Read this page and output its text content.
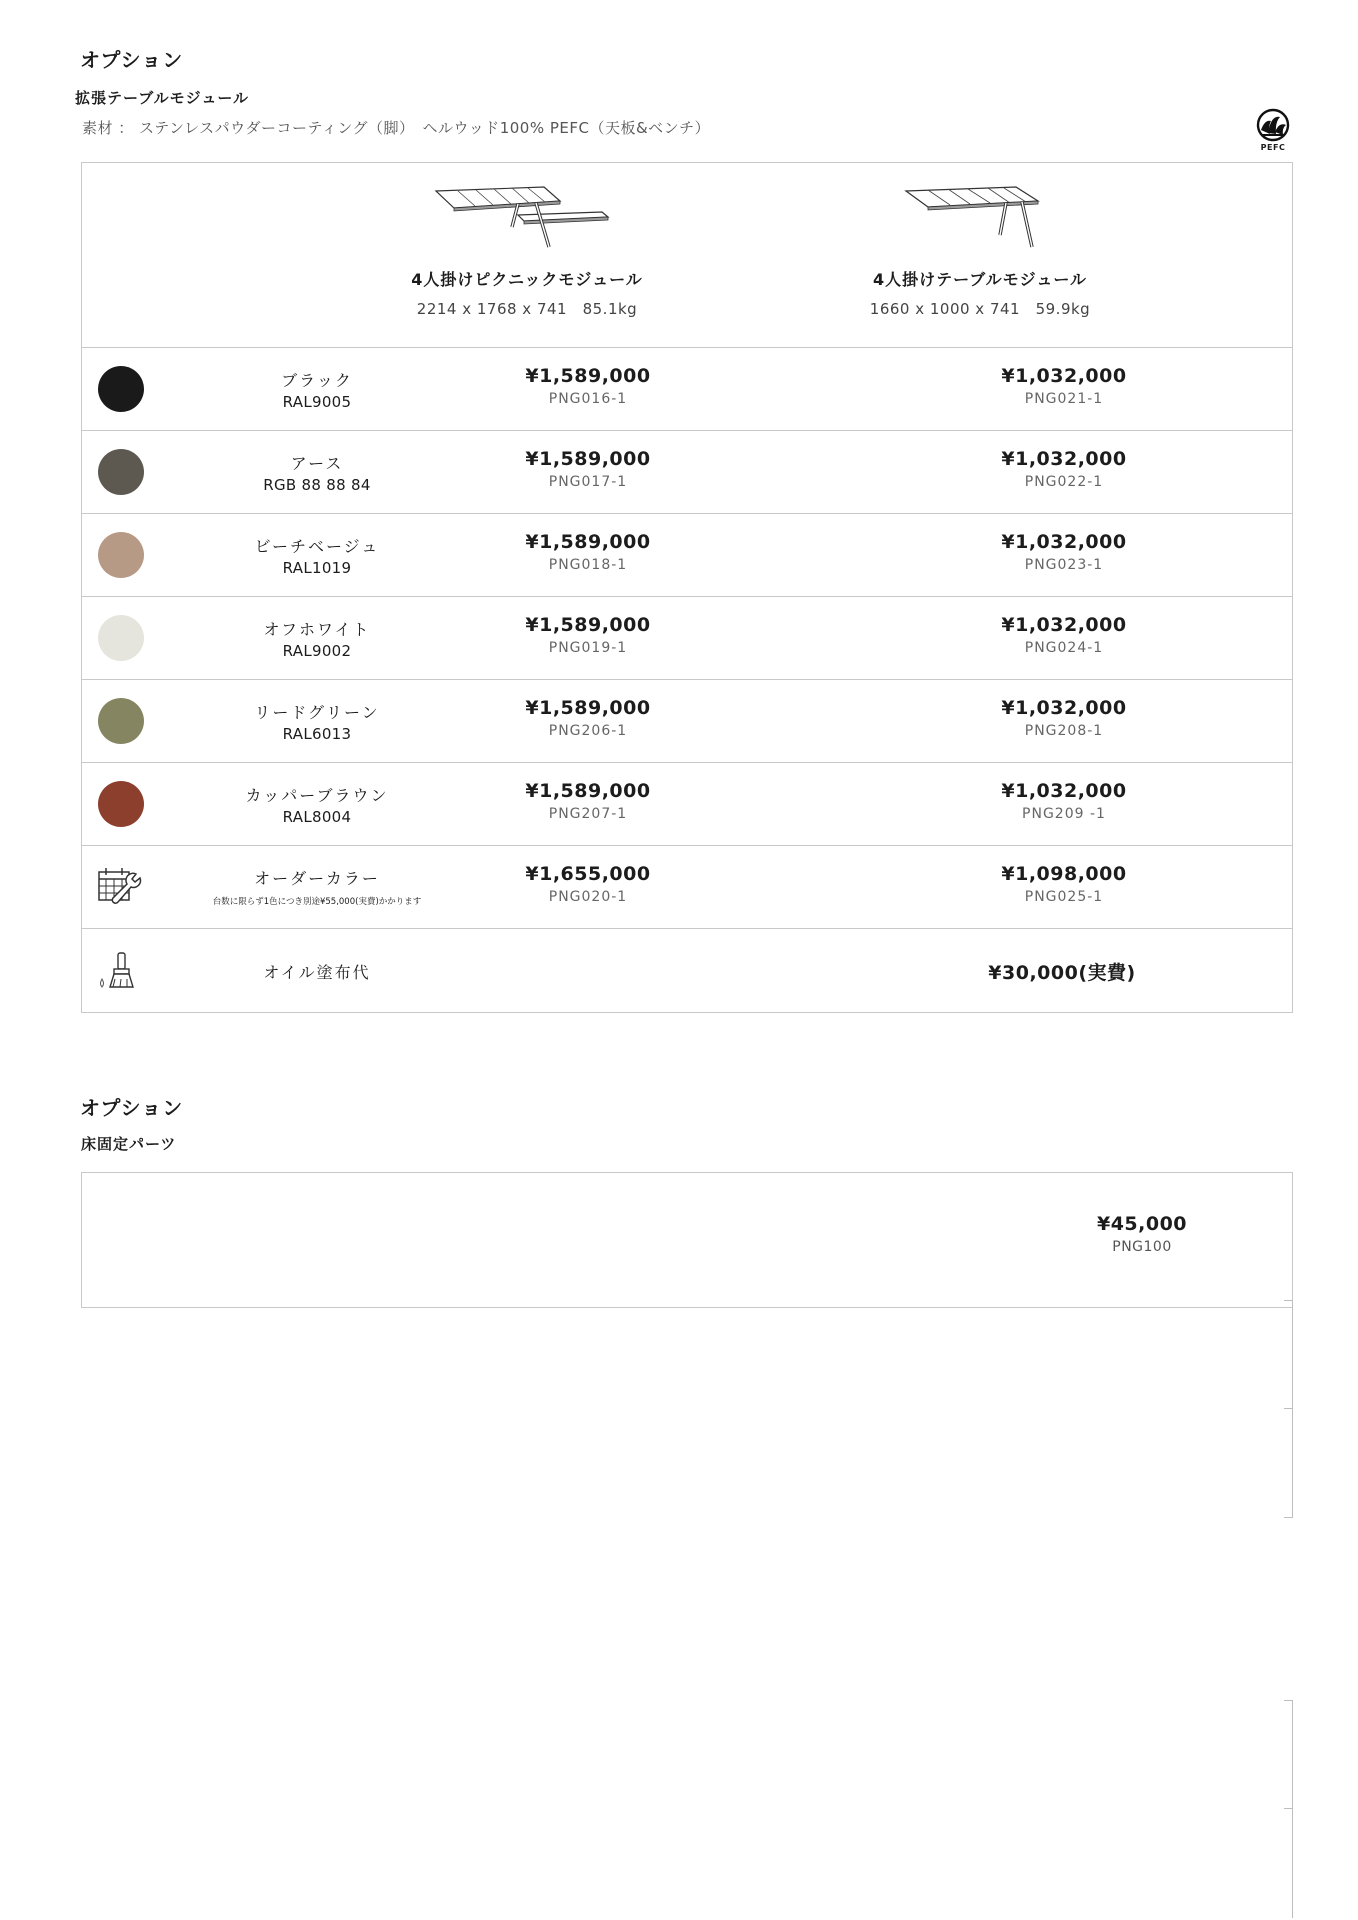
オプション
拡張テーブルモジュール
素材 ： ステンレスパウダーコーティング（脚）　ヘルウッド100% PEFC（天板&ベンチ）
PEFC
4人掛けピクニックモジュール
2214 x 1768 x 741　85.1kg
4人掛けテーブルモジュール
1660 x 1000 x 741　59.9kg
ブラック
RAL9005
¥1,589,000
PNG016-1
¥1,032,000
PNG021-1
アース
RGB 88 88 84
¥1,589,000
PNG017-1
¥1,032,000
PNG022-1
ビーチベージュ
RAL1019
¥1,589,000
PNG018-1
¥1,032,000
PNG023-1
オフホワイト
RAL9002
¥1,589,000
PNG019-1
¥1,032,000
PNG024-1
リードグリーン
RAL6013
¥1,589,000
PNG206-1
¥1,032,000
PNG208-1
カッパーブラウン
RAL8004
¥1,589,000
PNG207-1
¥1,032,000
PNG209 -1
オーダーカラー
台数に限らず1色につき別途¥55,000(実費)かかります
¥1,655,000
PNG020-1
¥1,098,000
PNG025-1
オイル塗布代	¥30,000(実費)
オプション
床固定パーツ
¥45,000
PNG100
